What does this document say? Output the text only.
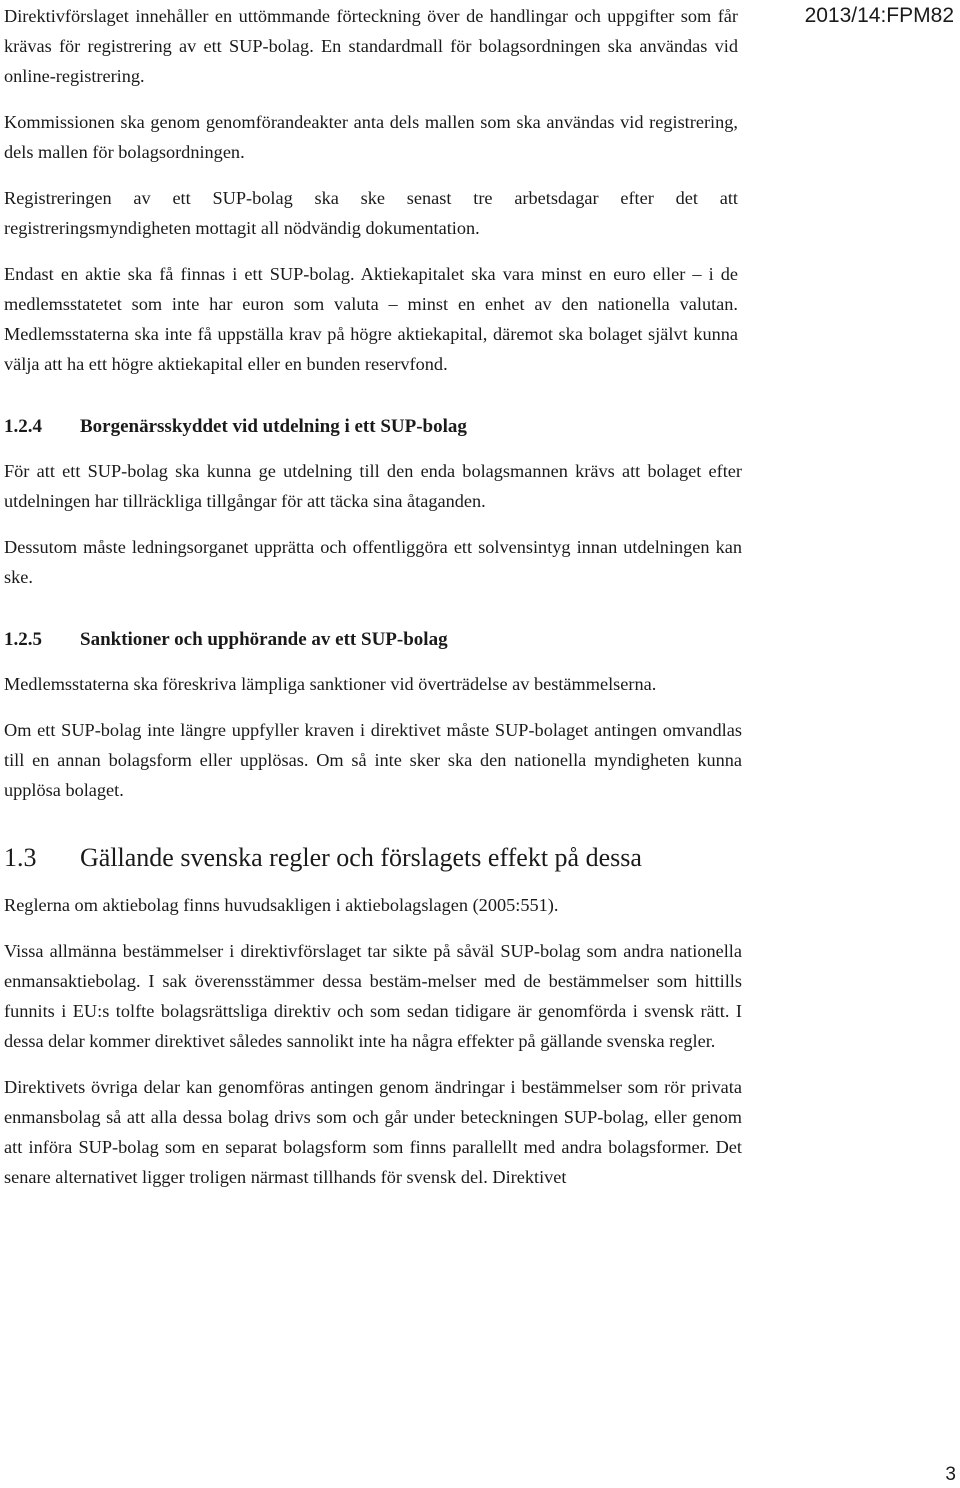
2013/14:FPM82

Direktivförslaget innehåller en uttömmande förteckning över de handlingar och uppgifter som får krävas för registrering av ett SUP-bolag. En standardmall för bolagsordningen ska användas vid online-registrering.

Kommissionen ska genom genomförandeakter anta dels mallen som ska användas vid registrering, dels mallen för bolagsordningen.

Registreringen av ett SUP-bolag ska ske senast tre arbetsdagar efter det att registreringsmyndigheten mottagit all nödvändig dokumentation.

Endast en aktie ska få finnas i ett SUP-bolag. Aktiekapitalet ska vara minst en euro eller – i de medlemsstatetet som inte har euron som valuta – minst en enhet av den nationella valutan. Medlemsstaterna ska inte få uppställa krav på högre aktiekapital, däremot ska bolaget självt kunna välja att ha ett högre aktiekapital eller en bunden reservfond.

1.2.4 Borgenärsskyddet vid utdelning i ett SUP-bolag

För att ett SUP-bolag ska kunna ge utdelning till den enda bolagsmannen krävs att bolaget efter utdelningen har tillräckliga tillgångar för att täcka sina åtaganden.

Dessutom måste ledningsorganet upprätta och offentliggöra ett solvensintyg innan utdelningen kan ske.

1.2.5 Sanktioner och upphörande av ett SUP-bolag

Medlemsstaterna ska föreskriva lämpliga sanktioner vid överträdelse av bestämmelserna.

Om ett SUP-bolag inte längre uppfyller kraven i direktivet måste SUP-bolaget antingen omvandlas till en annan bolagsform eller upplösas. Om så inte sker ska den nationella myndigheten kunna upplösa bolaget.

1.3 Gällande svenska regler och förslagets effekt på dessa

Reglerna om aktiebolag finns huvudsakligen i aktiebolagslagen (2005:551).

Vissa allmänna bestämmelser i direktivförslaget tar sikte på såväl SUP-bolag som andra nationella enmansaktiebolag. I sak överensstämmer dessa bestäm-melser med de bestämmelser som hittills funnits i EU:s tolfte bolagsrättsliga direktiv och som sedan tidigare är genomförda i svensk rätt. I dessa delar kommer direktivet således sannolikt inte ha några effekter på gällande svenska regler.

Direktivets övriga delar kan genomföras antingen genom ändringar i bestämmelser som rör privata enmansbolag så att alla dessa bolag drivs som och går under beteckningen SUP-bolag, eller genom att införa SUP-bolag som en separat bolagsform som finns parallellt med andra bolagsformer. Det senare alternativet ligger troligen närmast tillhands för svensk del. Direktivet

3
